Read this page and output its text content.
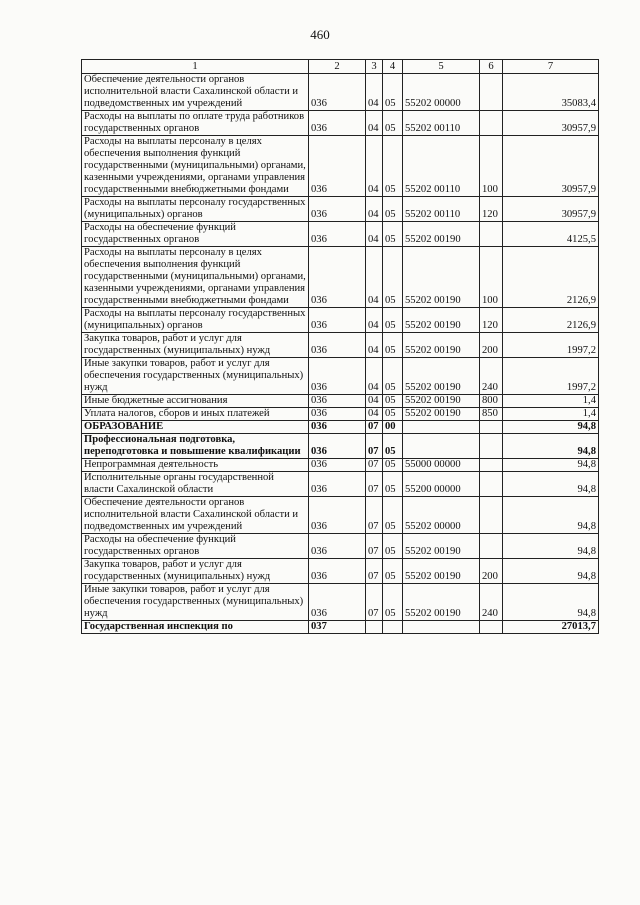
460
1	2	3	4	5	6	7
Обеспечение деятельности органов исполнительной власти Сахалинской области и подведомственных им учреждений	036	04	05	55202 00000		35083,4
Расходы на выплаты по оплате труда работников государственных органов	036	04	05	55202 00110		30957,9
Расходы на выплаты персоналу в целях обеспечения выполнения функций государственными (муниципальными) органами, казенными учреждениями, органами управления государственными внебюджетными фондами	036	04	05	55202 00110	100	30957,9
Расходы на выплаты персоналу государственных (муниципальных) органов	036	04	05	55202 00110	120	30957,9
Расходы на обеспечение функций государственных органов	036	04	05	55202 00190		4125,5
Расходы на выплаты персоналу в целях обеспечения выполнения функций государственными (муниципальными) органами, казенными учреждениями, органами управления государственными внебюджетными фондами	036	04	05	55202 00190	100	2126,9
Расходы на выплаты персоналу государственных (муниципальных) органов	036	04	05	55202 00190	120	2126,9
Закупка товаров, работ и услуг для государственных (муниципальных) нужд	036	04	05	55202 00190	200	1997,2
Иные закупки товаров, работ и услуг для обеспечения государственных (муниципальных) нужд	036	04	05	55202 00190	240	1997,2
Иные бюджетные ассигнования	036	04	05	55202 00190	800	1,4
Уплата налогов, сборов и иных платежей	036	04	05	55202 00190	850	1,4
ОБРАЗОВАНИЕ	036	07	00			94,8
Профессиональная подготовка, переподготовка и повышение квалификации	036	07	05			94,8
Непрограммная деятельность	036	07	05	55000 00000		94,8
Исполнительные органы государственной власти Сахалинской области	036	07	05	55200 00000		94,8
Обеспечение деятельности органов исполнительной власти Сахалинской области и подведомственных им учреждений	036	07	05	55202 00000		94,8
Расходы на обеспечение функций государственных органов	036	07	05	55202 00190		94,8
Закупка товаров, работ и услуг для государственных (муниципальных) нужд	036	07	05	55202 00190	200	94,8
Иные закупки товаров, работ и услуг для обеспечения государственных (муниципальных) нужд	036	07	05	55202 00190	240	94,8
Государственная инспекция по	037					27013,7
